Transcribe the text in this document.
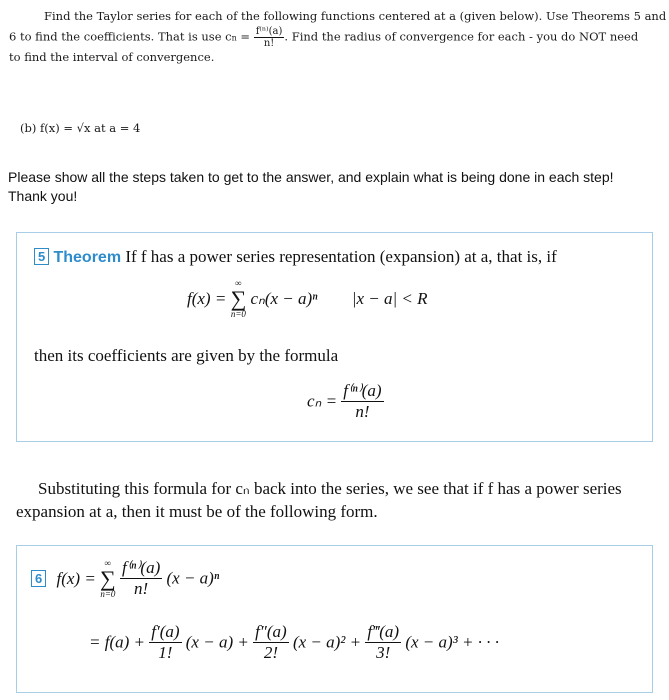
Find the Taylor series for each of the following functions centered at a (given below). Use Theorems 5 and
6 to find the coefficients. That is use cn = $\frac{\text{f⁽ⁿ⁾(a)}}{n!}$ . Find the radius of convergence for each - you do NOT need
to find the interval of convergence.
(b) f(x) = √x at a = 4
Please show all the steps taken to get to the answer, and explain what is being done in each step!
Thank you!
5 Theorem If f has a power series representation (expansion) at a, that is, if
f(x) =
∞
∑
n=0
cₙ(x − a)ⁿ |x − a| < R
then its coefficients are given by the formula
$c_n = \frac{\text{f⁽ⁿ⁾(a)}}{n!}$
Substituting this formula for cₙ back into the series, we see that if f has a power series
expansion at a, then it must be of the following form.
6 f(x) =
∞
∑
n=0
$\frac{\text{f⁽ⁿ⁾(a)}}{n!} (x - a)^n$
= $f(a) + \frac{f'(a)}{1!} (x - a) + \frac{f''(a)}{2!} (x - a)^2 + \frac{f‴(a)}{3!} (x - a)^3$ + · · ·
